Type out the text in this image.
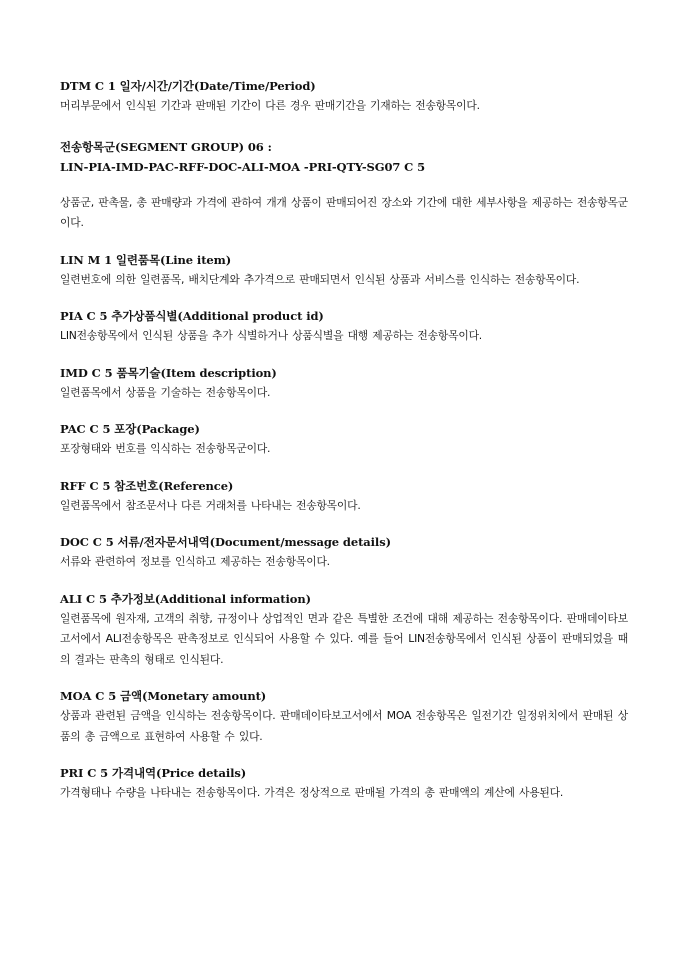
DTM C 1 일자/시간/기간(Date/Time/Period)
머리부문에서 인식된 기간과 판매된 기간이 다른 경우 판매기간을 기재하는 전송항목이다.
전송항목군(SEGMENT GROUP) 06 :
LIN-PIA-IMD-PAC-RFF-DOC-ALI-MOA -PRI-QTY-SG07 C 5
상품군, 판촉물, 총 판매량과 가격에 관하여 개개 상품이 판매되어진 장소와 기간에 대한 세부사항을 제공하는 전송항목군이다.
LIN M 1 일련품목(Line item)
일련번호에 의한 일련품목, 배치단계와 추가격으로 판매되면서 인식된 상품과 서비스를 인식하는 전송항목이다.
PIA C 5 추가상품식별(Additional product id)
LIN전송항목에서 인식된 상품을 추가 식별하거나 상품식별을 대행 제공하는 전송항목이다.
IMD C 5 품목기술(Item description)
일련품목에서 상품을 기술하는 전송항목이다.
PAC C 5 포장(Package)
포장형태와 번호를 익식하는 전송항목군이다.
RFF C 5 참조번호(Reference)
일련품목에서 참조문서나 다른 거래처를 나타내는 전송항목이다.
DOC C 5 서류/전자문서내역(Document/message details)
서류와 관련하여 정보를 인식하고 제공하는 전송항목이다.
ALI C 5 추가정보(Additional information)
일련품목에 원자재, 고객의 취향, 규정이나 상업적인 면과 같은 특별한 조건에 대해 제공하는 전송항목이다. 판매데이타보고서에서 ALI전송항목은 판촉정보로 인식되어 사용할 수 있다. 예를 들어 LIN전송항목에서 인식된 상품이 판매되었을 때의 결과는 판촉의 형태로 인식된다.
MOA C 5 금액(Monetary amount)
상품과 관련된 금액을 인식하는 전송항목이다. 판매데이타보고서에서 MOA 전송항목은 일전기간 일정위치에서 판매된 상품의 총 금액으로 표현하여 사용할 수 있다.
PRI C 5 가격내역(Price details)
가격형태나 수량을 나타내는 전송항목이다. 가격은 정상적으로 판매될 가격의 총 판매액의 계산에 사용된다.
